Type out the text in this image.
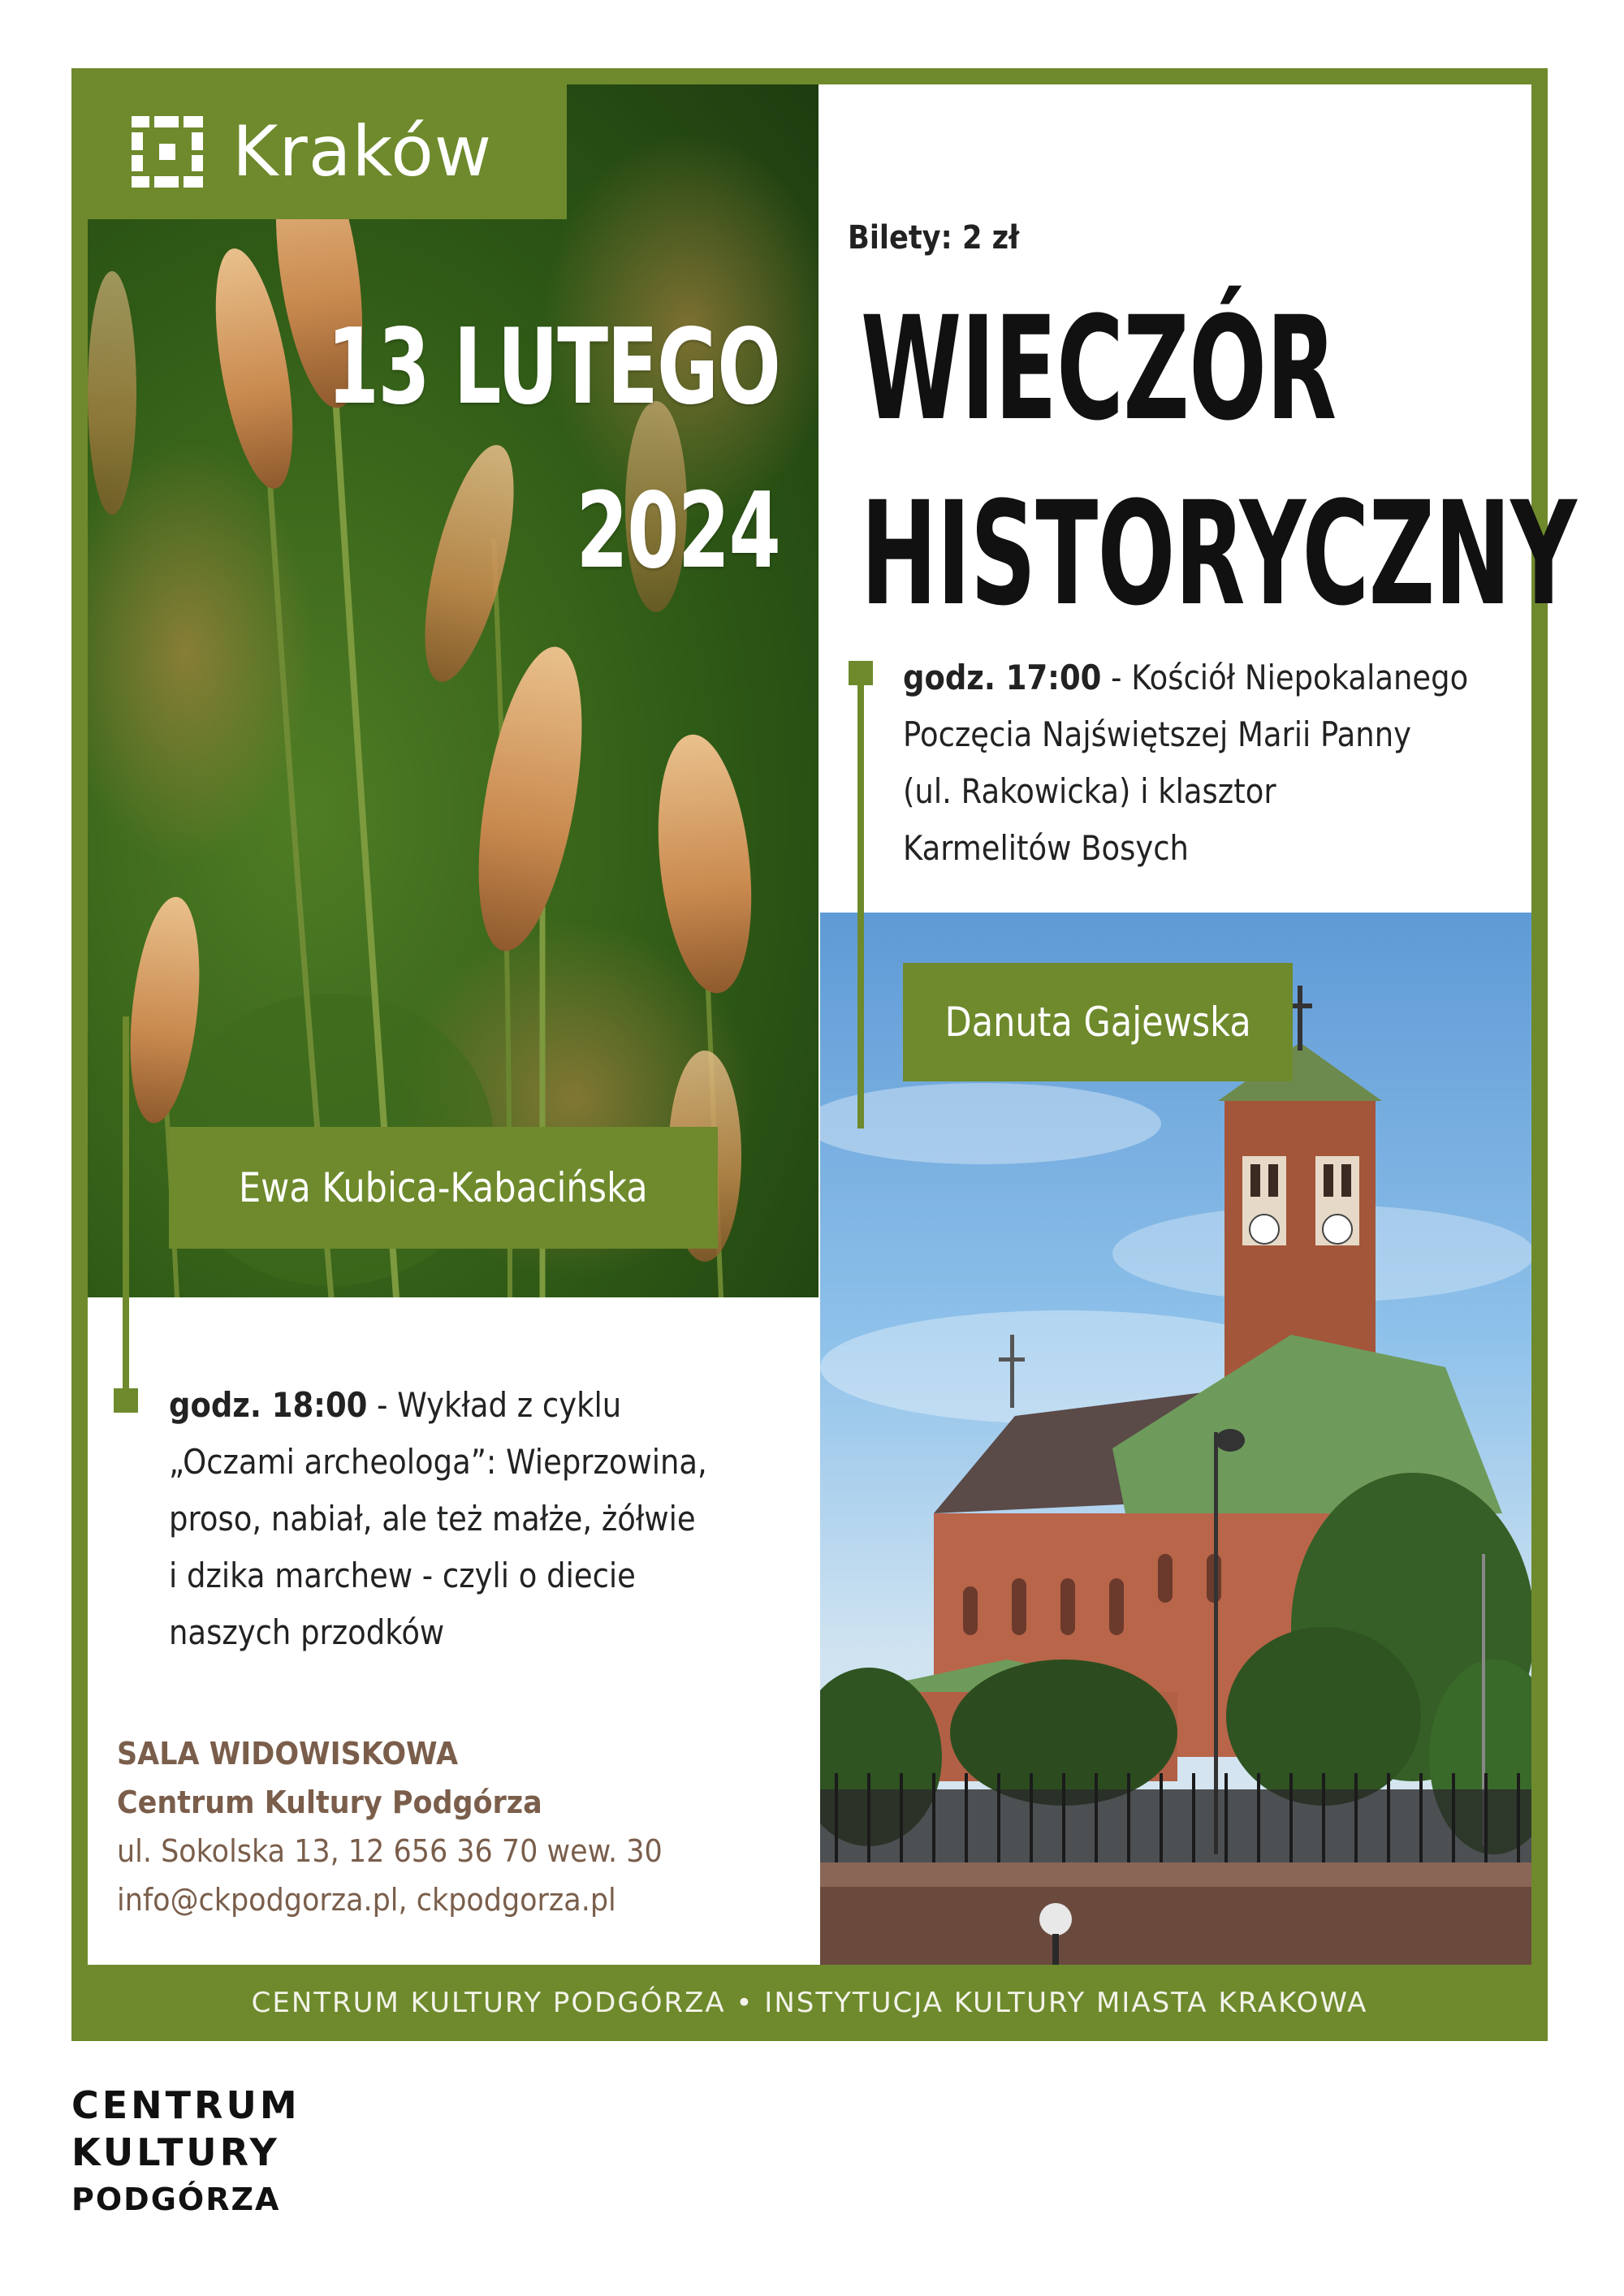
Kraków
13 LUTEGO
2024
Bilety: 2 zł
WIECZÓR
HISTORYCZNY
godz. 17:00 - Kościół Niepokalanego
Poczęcia Najświętszej Marii Panny
(ul. Rakowicka) i klasztor
Karmelitów Bosych
Danuta Gajewska
Ewa Kubica-Kabacińska
godz. 18:00 - Wykład z cyklu
„Oczami archeologa”: Wieprzowina,
proso, nabiał, ale też małże, żółwie
i dzika marchew - czyli o diecie
naszych przodków
SALA WIDOWISKOWA
Centrum Kultury Podgórza
ul. Sokolska 13, 12 656 36 70 wew. 30
info@ckpodgorza.pl, ckpodgorza.pl
CENTRUM KULTURY PODGÓRZA • INSTYTUCJA KULTURY MIASTA KRAKOWA
CENTRUM
KULTURY
PODGÓRZA
